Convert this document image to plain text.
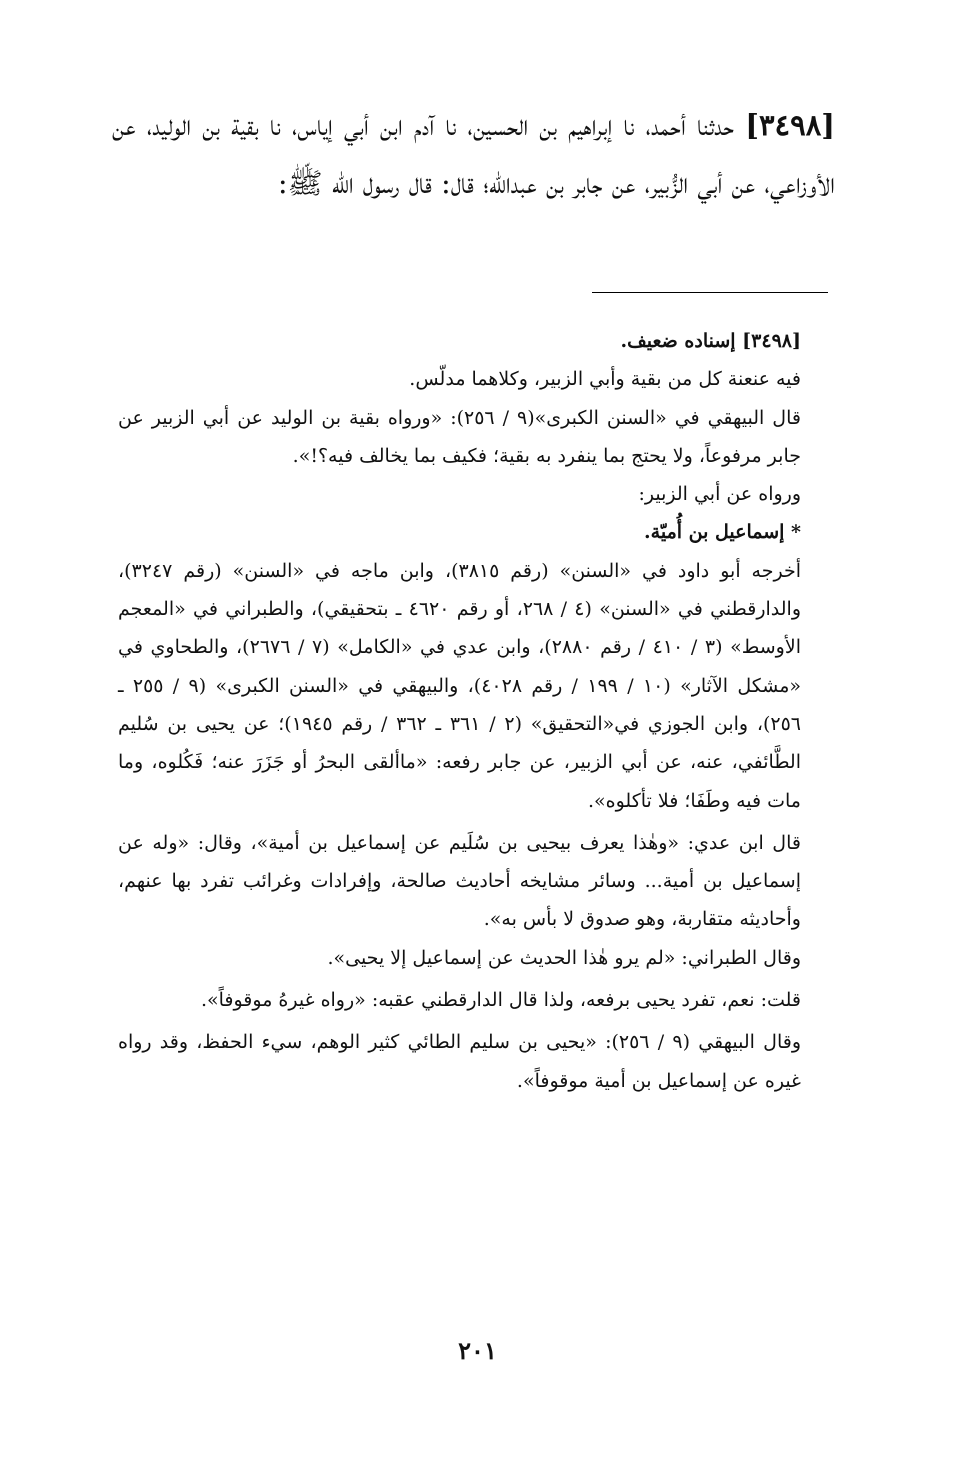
[٣٤٩٨] حدثنا أحمد، نا إبراهيم بن الحسين، نا آدم ابن أبي إياس، نا بقية بن الوليد، عن الأوزاعي، عن أبي الزُّبير، عن جابر بن عبدالله؛ قال: قال رسول الله ﷺ:

[٣٤٩٨] إسناده ضعيف.

فيه عنعنة كل من بقية وأبي الزبير، وكلاهما مدلّس.

قال البيهقي في «السنن الكبرى»(٩ / ٢٥٦): «ورواه بقية بن الوليد عن أبي الزبير عن جابر مرفوعاً، ولا يحتج بما ينفرد به بقية؛ فكيف بما يخالف فيه؟!».

ورواه عن أبي الزبير:

* إسماعيل بن أُميّة.

أخرجه أبو داود في «السنن» (رقم ٣٨١٥)، وابن ماجه في «السنن» (رقم ٣٢٤٧)، والدارقطني في «السنن» (٤ / ٢٦٨، أو رقم ٤٦٢٠ ـ بتحقيقي)، والطبراني في «المعجم الأوسط» (٣ / ٤١٠ / رقم ٢٨٨٠)، وابن عدي في «الكامل» (٧ / ٢٦٧٦)، والطحاوي في «مشكل الآثار» (١٠ / ١٩٩ / رقم ٤٠٢٨)، والبيهقي في «السنن الكبرى» (٩ / ٢٥٥ ـ ٢٥٦)، وابن الجوزي في«التحقيق» (٢ / ٣٦١ ـ ٣٦٢ / رقم ١٩٤٥)؛ عن يحيى بن سُليم الطَّائفي، عنه، عن أبي الزبير، عن جابر رفعه: «ماألقى البحرُ أو جَزَرَ عنه؛ فَكُلوه، وما مات فيه وطَفَا؛ فلا تأكلوه».

قال ابن عدي: «وهٰذا يعرف بيحيى بن سُلَيم عن إسماعيل بن أمية»، وقال: «وله عن إسماعيل بن أمية... وسائر مشايخه أحاديث صالحة، وإفرادات وغرائب تفرد بها عنهم، وأحاديثه متقاربة، وهو صدوق لا بأس به».

وقال الطبراني: «لم يرو هٰذا الحديث عن إسماعيل إلا يحيى».

قلت: نعم، تفرد يحيى برفعه، ولذا قال الدارقطني عقبه: «رواه غيرهُ موقوفاً».

وقال البيهقي (٩ / ٢٥٦): «يحيى بن سليم الطائي كثير الوهم، سيء الحفظ، وقد رواه غيره عن إسماعيل بن أمية موقوفاً».

٢٠١
